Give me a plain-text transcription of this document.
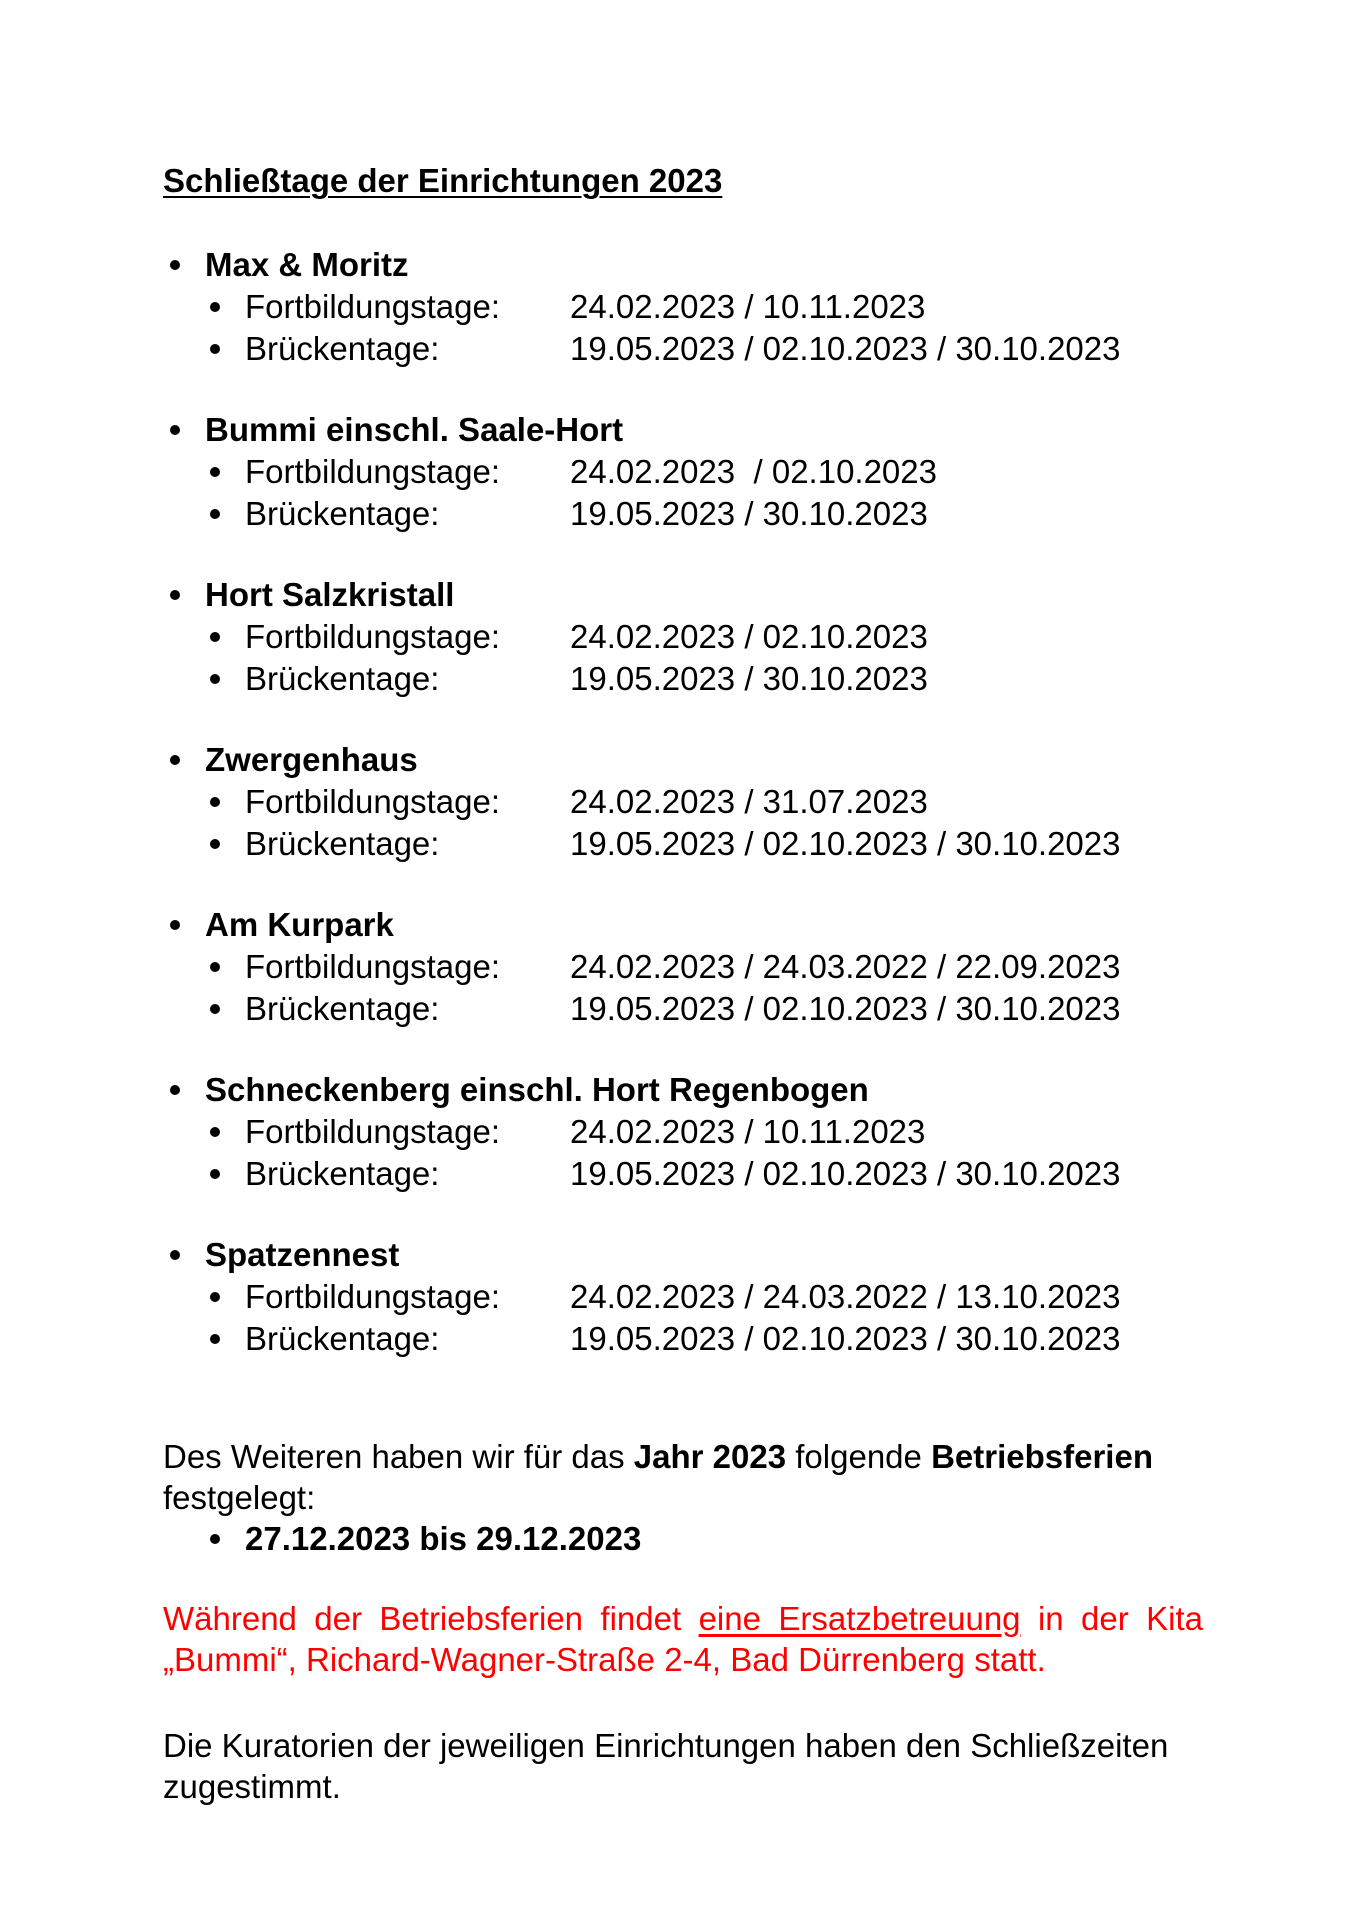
Schließtage der Einrichtungen 2023
Max & Moritz
Fortbildungstage: 24.02.2023 / 10.11.2023
Brückentage:	19.05.2023 / 02.10.2023 / 30.10.2023
Bummi einschl. Saale-Hort
Fortbildungstage: 24.02.2023  / 02.10.2023
Brückentage:	19.05.2023 / 30.10.2023
Hort Salzkristall
Fortbildungstage: 24.02.2023 / 02.10.2023
Brückentage:	19.05.2023 / 30.10.2023
Zwergenhaus
Fortbildungstage: 24.02.2023 / 31.07.2023
Brückentage:	19.05.2023 / 02.10.2023 / 30.10.2023
Am Kurpark
Fortbildungstage: 24.02.2023 / 24.03.2022 / 22.09.2023
Brückentage:	19.05.2023 / 02.10.2023 / 30.10.2023
Schneckenberg einschl. Hort Regenbogen
Fortbildungstage: 24.02.2023 / 10.11.2023
Brückentage:	19.05.2023 / 02.10.2023 / 30.10.2023
Spatzennest
Fortbildungstage: 24.02.2023 / 24.03.2022 / 13.10.2023
Brückentage:	19.05.2023 / 02.10.2023 / 30.10.2023

Des Weiteren haben wir für das Jahr 2023 folgende Betriebsferien festgelegt:

27.12.2023 bis 29.12.2023

Während der Betriebsferien findet eine Ersatzbetreuung in der Kita „Bummi“, Richard-Wagner-Straße 2-4, Bad Dürrenberg statt.

Die Kuratorien der jeweiligen Einrichtungen haben den Schließzeiten zugestimmt.
